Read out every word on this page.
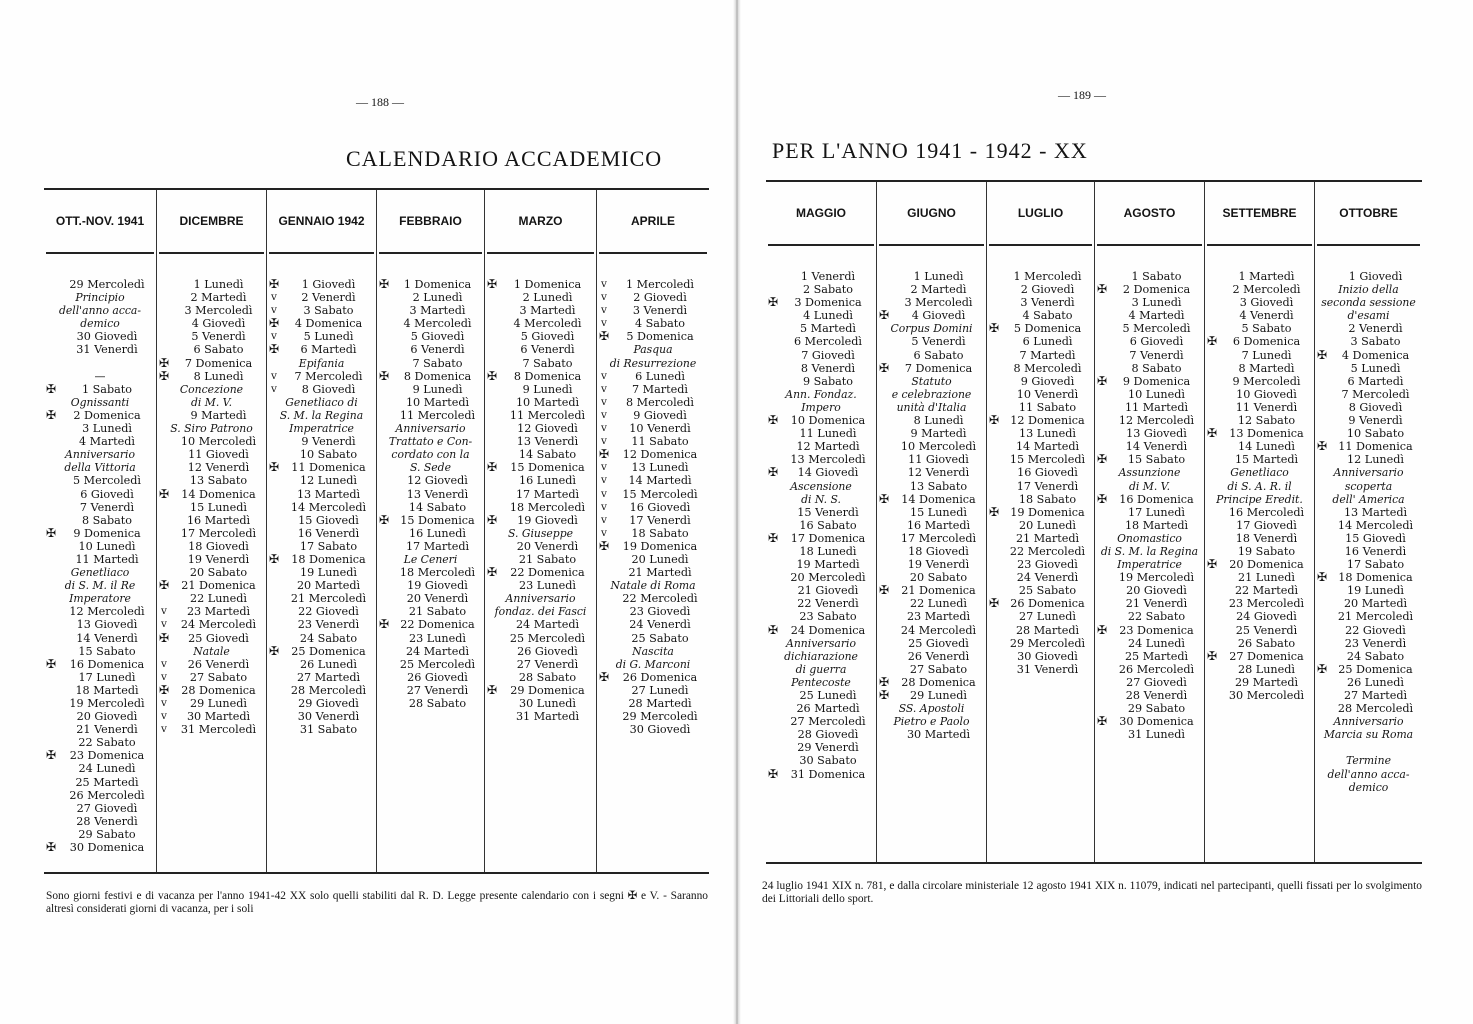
— 188 —
CALENDARIO ACCADEMICO
— 189 —
PER L'ANNO 1941 - 1942 - XX
OTT.-NOV. 1941
29 Mercoledì
Principio
dell'anno acca-
demico
30 Giovedì
31 Venerdì
—
✠	1 Sabato
Ognissanti
✠	2 Domenica
3 Lunedì
4 Martedì
Anniversario
della Vittoria
5 Mercoledì
6 Giovedì
7 Venerdì
8 Sabato
✠	9 Domenica
10 Lunedì
11 Martedì
Genetliaco
di S. M. il Re
Imperatore
12 Mercoledì
13 Giovedì
14 Venerdì
15 Sabato
✠	16 Domenica
17 Lunedì
18 Martedì
19 Mercoledì
20 Giovedì
21 Venerdì
22 Sabato
✠	23 Domenica
24 Lunedì
25 Martedì
26 Mercoledì
27 Giovedì
28 Venerdì
29 Sabato
✠	30 Domenica
DICEMBRE
1 Lunedì
2 Martedì
3 Mercoledì
4 Giovedì
5 Venerdì
6 Sabato
✠	7 Domenica
✠	8 Lunedì
Concezione
di M. V.
9 Martedì
S. Siro Patrono
10 Mercoledì
11 Giovedì
12 Venerdì
13 Sabato
✠	14 Domenica
15 Lunedì
16 Martedì
17 Mercoledì
18 Giovedì
19 Venerdì
20 Sabato
✠	21 Domenica
22 Lunedì
v	23 Martedì
v	24 Mercoledì
✠	25 Giovedì
Natale
v	26 Venerdì
v	27 Sabato
✠	28 Domenica
v	29 Lunedì
v	30 Martedì
v	31 Mercoledì
GENNAIO 1942
✠	1 Giovedì
v	2 Venerdì
v	3 Sabato
✠	4 Domenica
v	5 Lunedì
✠	6 Martedì
Epifania
v	7 Mercoledì
v	8 Giovedì
Genetliaco di
S. M. la Regina
Imperatrice
9 Venerdì
10 Sabato
✠	11 Domenica
12 Lunedì
13 Martedì
14 Mercoledì
15 Giovedì
16 Venerdì
17 Sabato
✠	18 Domenica
19 Lunedì
20 Martedì
21 Mercoledì
22 Giovedì
23 Venerdì
24 Sabato
✠	25 Domenica
26 Lunedì
27 Martedì
28 Mercoledì
29 Giovedì
30 Venerdì
31 Sabato
FEBBRAIO
✠	1 Domenica
2 Lunedì
3 Martedì
4 Mercoledì
5 Giovedì
6 Venerdì
7 Sabato
✠	8 Domenica
9 Lunedì
10 Martedì
11 Mercoledì
Anniversario
Trattato e Con-
cordato con la
S. Sede
12 Giovedì
13 Venerdì
14 Sabato
✠	15 Domenica
16 Lunedì
17 Martedì
Le Ceneri
18 Mercoledì
19 Giovedì
20 Venerdì
21 Sabato
✠	22 Domenica
23 Lunedì
24 Martedì
25 Mercoledì
26 Giovedì
27 Venerdì
28 Sabato
MARZO
✠	1 Domenica
2 Lunedì
3 Martedì
4 Mercoledì
5 Giovedì
6 Venerdì
7 Sabato
✠	8 Domenica
9 Lunedì
10 Martedì
11 Mercoledì
12 Giovedì
13 Venerdì
14 Sabato
✠	15 Domenica
16 Lunedì
17 Martedì
18 Mercoledì
✠	19 Giovedì
S. Giuseppe
20 Venerdì
21 Sabato
✠	22 Domenica
23 Lunedì
Anniversario
fondaz. dei Fasci
24 Martedì
25 Mercoledì
26 Giovedì
27 Venerdì
28 Sabato
✠	29 Domenica
30 Lunedì
31 Martedì
APRILE
v	1 Mercoledì
v	2 Giovedì
v	3 Venerdì
v	4 Sabato
✠	5 Domenica
Pasqua
di Resurrezione
v	6 Lunedì
v	7 Martedì
v	8 Mercoledì
v	9 Giovedì
v	10 Venerdì
v	11 Sabato
✠	12 Domenica
v	13 Lunedì
v	14 Martedì
v	15 Mercoledì
v	16 Giovedì
v	17 Venerdì
v	18 Sabato
✠	19 Domenica
20 Lunedì
21 Martedì
Natale di Roma
22 Mercoledì
23 Giovedì
24 Venerdì
25 Sabato
Nascita
di G. Marconi
✠	26 Domenica
27 Lunedì
28 Martedì
29 Mercoledì
30 Giovedì
MAGGIO
1 Venerdì
2 Sabato
✠	3 Domenica
4 Lunedì
5 Martedì
6 Mercoledì
7 Giovedì
8 Venerdì
9 Sabato
Ann. Fondaz.
Impero
✠	10 Domenica
11 Lunedì
12 Martedì
13 Mercoledì
✠	14 Giovedì
Ascensione
di N. S.
15 Venerdì
16 Sabato
✠	17 Domenica
18 Lunedì
19 Martedì
20 Mercoledì
21 Giovedì
22 Venerdì
23 Sabato
✠	24 Domenica
Anniversario
dichiarazione
di guerra
Pentecoste
25 Lunedì
26 Martedì
27 Mercoledì
28 Giovedì
29 Venerdì
30 Sabato
✠	31 Domenica
GIUGNO
1 Lunedì
2 Martedì
3 Mercoledì
✠	4 Giovedì
Corpus Domini
5 Venerdì
6 Sabato
✠	7 Domenica
Statuto
e celebrazione
unità d'Italia
8 Lunedì
9 Martedì
10 Mercoledì
11 Giovedì
12 Venerdì
13 Sabato
✠	14 Domenica
15 Lunedì
16 Martedì
17 Mercoledì
18 Giovedì
19 Venerdì
20 Sabato
✠	21 Domenica
22 Lunedì
23 Martedì
24 Mercoledì
25 Giovedì
26 Venerdì
27 Sabato
✠	28 Domenica
✠	29 Lunedì
SS. Apostoli
Pietro e Paolo
30 Martedì
LUGLIO
1 Mercoledì
2 Giovedì
3 Venerdì
4 Sabato
✠	5 Domenica
6 Lunedì
7 Martedì
8 Mercoledì
9 Giovedì
10 Venerdì
11 Sabato
✠	12 Domenica
13 Lunedì
14 Martedì
15 Mercoledì
16 Giovedì
17 Venerdì
18 Sabato
✠	19 Domenica
20 Lunedì
21 Martedì
22 Mercoledì
23 Giovedì
24 Venerdì
25 Sabato
✠	26 Domenica
27 Lunedì
28 Martedì
29 Mercoledì
30 Giovedì
31 Venerdì
AGOSTO
1 Sabato
✠	2 Domenica
3 Lunedì
4 Martedì
5 Mercoledì
6 Giovedì
7 Venerdì
8 Sabato
✠	9 Domenica
10 Lunedì
11 Martedì
12 Mercoledì
13 Giovedì
14 Venerdì
✠	15 Sabato
Assunzione
di M. V.
✠	16 Domenica
17 Lunedì
18 Martedì
Onomastico
di S. M. la Regina
Imperatrice
19 Mercoledì
20 Giovedì
21 Venerdì
22 Sabato
✠	23 Domenica
24 Lunedì
25 Martedì
26 Mercoledì
27 Giovedì
28 Venerdì
29 Sabato
✠	30 Domenica
31 Lunedì
SETTEMBRE
1 Martedì
2 Mercoledì
3 Giovedì
4 Venerdì
5 Sabato
✠	6 Domenica
7 Lunedì
8 Martedì
9 Mercoledì
10 Giovedì
11 Venerdì
12 Sabato
✠	13 Domenica
14 Lunedì
15 Martedì
Genetliaco
di S. A. R. il
Principe Eredit.
16 Mercoledì
17 Giovedì
18 Venerdì
19 Sabato
✠	20 Domenica
21 Lunedì
22 Martedì
23 Mercoledì
24 Giovedì
25 Venerdì
26 Sabato
✠	27 Domenica
28 Lunedì
29 Martedì
30 Mercoledì
OTTOBRE
1 Giovedì
Inizio della
seconda sessione
d'esami
2 Venerdì
3 Sabato
✠	4 Domenica
5 Lunedì
6 Martedì
7 Mercoledì
8 Giovedì
9 Venerdì
10 Sabato
✠	11 Domenica
12 Lunedì
Anniversario
scoperta
dell' America
13 Martedì
14 Mercoledì
15 Giovedì
16 Venerdì
17 Sabato
✠	18 Domenica
19 Lunedì
20 Martedì
21 Mercoledì
22 Giovedì
23 Venerdì
24 Sabato
✠	25 Domenica
26 Lunedì
27 Martedì
28 Mercoledì
Anniversario
Marcia su Roma
Termine
dell'anno acca-
demico
Sono giorni festivi e di vacanza per l'anno 1941-42 XX solo quelli stabiliti dal R. D. Legge presente calendario con i segni ✠ e V. - Saranno altresì considerati giorni di vacanza, per i soli
24 luglio 1941 XIX n. 781, e dalla circolare ministeriale 12 agosto 1941 XIX n. 11079, indicati nel partecipanti, quelli fissati per lo svolgimento dei Littoriali dello sport.
